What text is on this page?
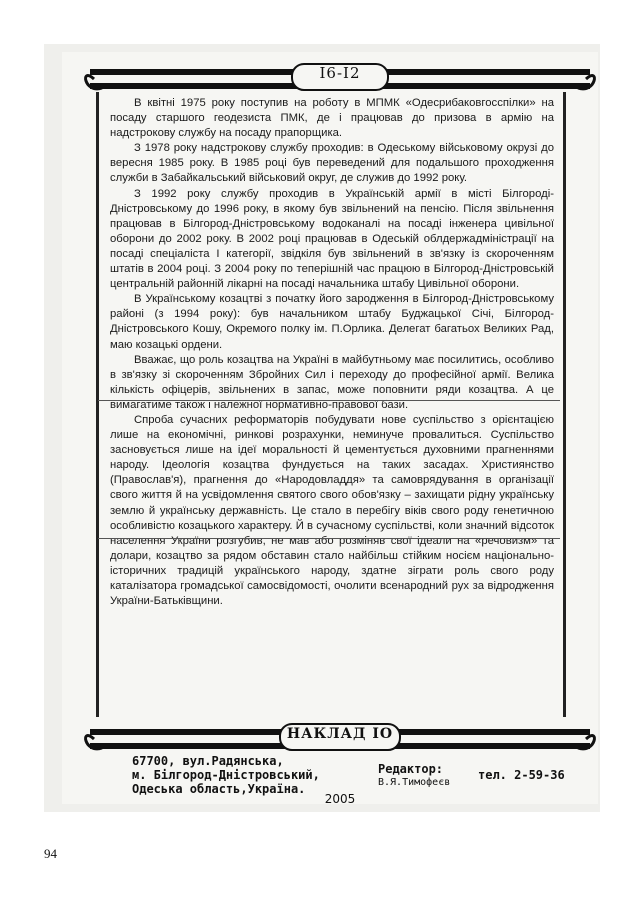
I6-I2

В квітні 1975 року поступив на роботу в МПМК «Одесрибаковгосспілки» на посаду старшого геодезиста ПМК, де і працював до призова в армію на надстрокову службу на посаду прапорщика.

З 1978 року надстрокову службу проходив: в Одеському військовому окрузі до вересня 1985 року. В 1985 році був переведений для подальшого проходження служби в Забайкальський військовий округ, де служив до 1992 року.

З 1992 року службу проходив в Українській армії в місті Білгороді-Дністровському до 1996 року, в якому був звільнений на пенсію. Після звільнення працював в Білгород-Дністровському водоканалі на посаді інженера цивільної оборони до 2002 року. В 2002 році працював в Одеській облдержадміністрації на посаді спеціаліста І категорії, звідкіля був звільнений в зв'язку із скороченням штатів в 2004 році. З 2004 року по теперішній час працюю в Білгород-Дністровській центральній районній лікарні на посаді начальника штабу Цивільної оборони.

В Українському козацтві з початку його зародження в Білгород-Дністровському районі (з 1994 року): був начальником штабу Буджацької Січі, Білгород-Дністровського Кошу, Окремого полку ім. П.Орлика. Делегат багатьох Великих Рад, маю козацькі ордени.

Вважає, що роль козацтва на Україні в майбутньому має посилитись, особливо в зв'язку зі скороченням Збройних Сил і переходу до професійної армії. Велика кількість офіцерів, звільнених в запас, може поповнити ряди козацтва. А це вимагатиме також і належної нормативно-правової бази.

Спроба сучасних реформаторів побудувати нове суспільство з орієнтацією лише на економічні, ринкові розрахунки, неминуче провалиться. Суспільство засновується лише на ідеї моральності й цементується духовними прагненнями народу. Ідеологія козацтва фундується на таких засадах. Християнство (Православ'я), прагнення до «Народовладдя» та самоврядування в організації свого життя й на усвідомлення святого свого обов'язку – захищати рідну українську землю й українську державність. Це стало в перебігу віків свого роду генетичною особливістю козацького характеру. Й в сучасному суспільстві, коли значний відсоток населення України розгубив, не мав або розміняв свої ідеали на «речовизм» та долари, козацтво за рядом обставин стало найбільш стійким носієм національно-історичних традицій українського народу, здатне зіграти роль свого роду каталізатора громадської самосвідомості, очолити всенародний рух за відродження України-Батьківщини.

НАКЛАД IO
67700, вул.Радянська,
м. Білгород-Дністровський,
Одеська область,Україна.
Редактор:
В.Я.Тимофеєв
тел. 2-59-36
2005
94
